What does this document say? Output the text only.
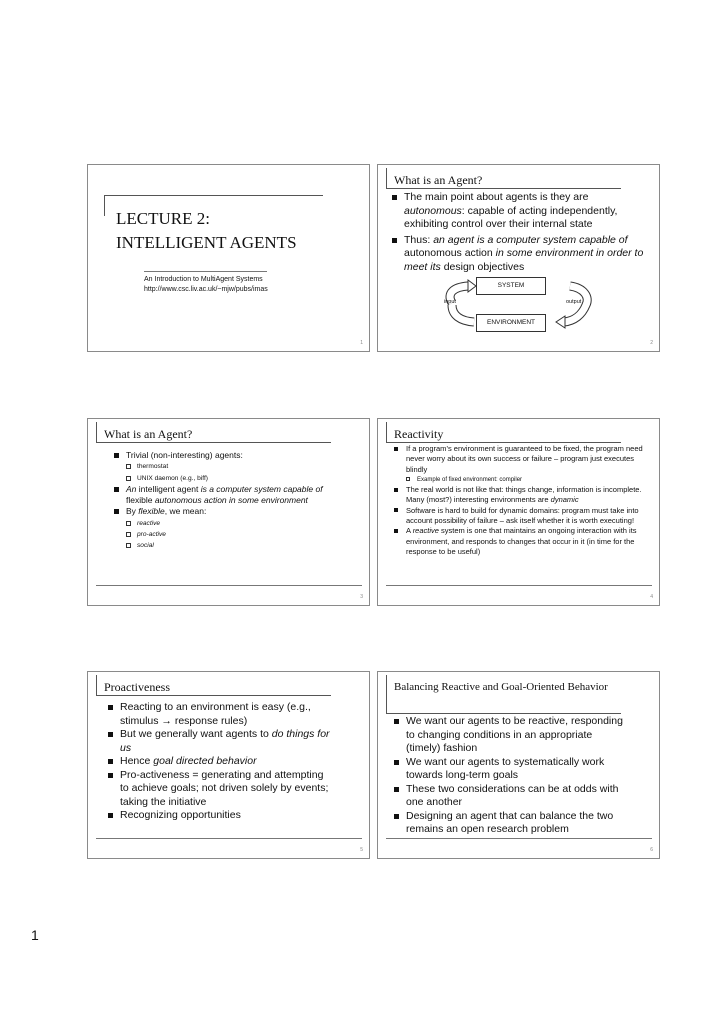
LECTURE 2:
INTELLIGENT AGENTS
An Introduction to MultiAgent Systems
http://www.csc.liv.ac.uk/~mjw/pubs/imas
1
What is an Agent?
The main point about agents is they are autonomous: capable of acting independently, exhibiting control over their internal state
Thus: an agent is a computer system capable of autonomous action in some environment in order to meet its design objectives
SYSTEM
ENVIRONMENT
input	output
2
What is an Agent?
Trivial (non-interesting) agents:
thermostat
UNIX daemon (e.g., biff)
An intelligent agent is a computer system capable of flexible autonomous action in some environment
By flexible, we mean:
reactive
pro-active
social
3
Reactivity
If a program’s environment is guaranteed to be fixed, the program need never worry about its own success or failure – program just executes blindly
Example of fixed environment: compiler
The real world is not like that: things change, information is incomplete. Many (most?) interesting environments are dynamic
Software is hard to build for dynamic domains: program must take into account possibility of failure – ask itself whether it is worth executing!
A reactive system is one that maintains an ongoing interaction with its environment, and responds to changes that occur in it (in time for the response to be useful)
4
Proactiveness
Reacting to an environment is easy (e.g., stimulus → response rules)
But we generally want agents to do things for us
Hence goal directed behavior
Pro-activeness = generating and attempting to achieve goals; not driven solely by events; taking the initiative
Recognizing opportunities
5
Balancing Reactive and Goal-Oriented Behavior
We want our agents to be reactive, responding to changing conditions in an appropriate (timely) fashion
We want our agents to systematically work towards long-term goals
These two considerations can be at odds with one another
Designing an agent that can balance the two remains an open research problem
6
1
